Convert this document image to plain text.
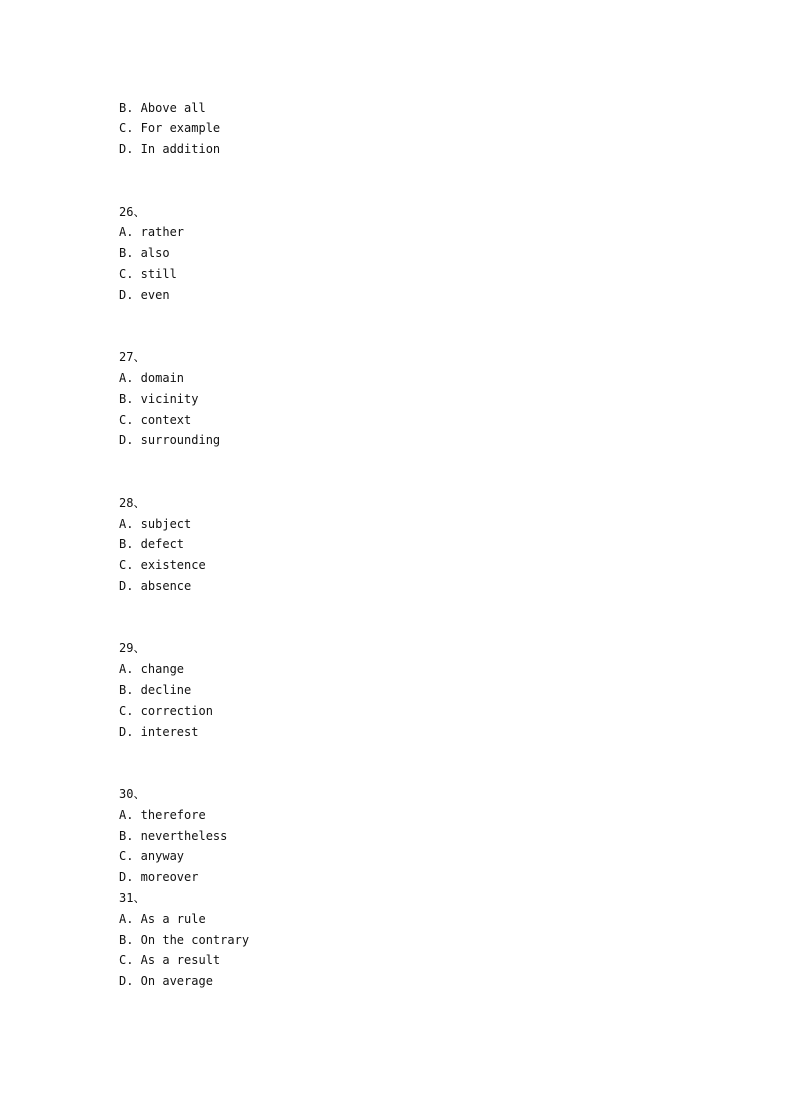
B. Above all
C. For example
D. In addition
26、
A. rather
B. also
C. still
D. even
27、
A. domain
B. vicinity
C. context
D. surrounding
28、
A. subject
B. defect
C. existence
D. absence
29、
A. change
B. decline
C. correction
D. interest
30、
A. therefore
B. nevertheless
C. anyway
D. moreover
31、
A. As a rule
B. On the contrary
C. As a result
D. On average
